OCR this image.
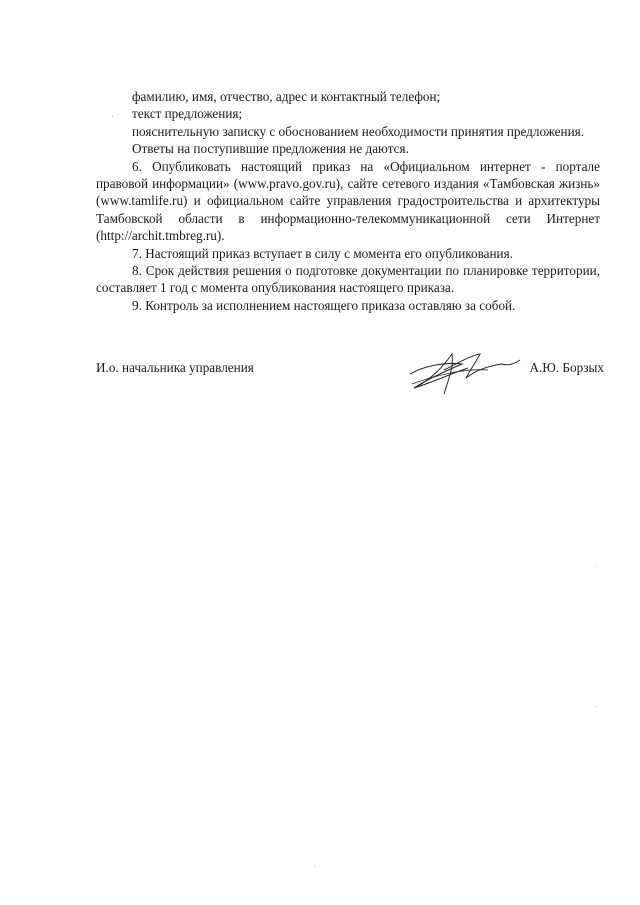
фамилию, имя, отчество, адрес и контактный телефон;

текст предложения;

пояснительную записку с обоснованием необходимости принятия предложения.

Ответы на поступившие предложения не даются.

6. Опубликовать настоящий приказ на «Официальном интернет - портале правовой информации» (www.pravo.gov.ru), сайте сетевого издания «Тамбовская жизнь» (www.tamlife.ru) и официальном сайте управления градостроительства и архитектуры Тамбовской области в информационно-телекоммуникационной сети Интернет (http://archit.tmbreg.ru).

7. Настоящий приказ вступает в силу с момента его опубликования.

8. Срок действия решения о подготовке документации по планировке территории, составляет 1 год с момента опубликования настоящего приказа.

9. Контроль за исполнением настоящего приказа оставляю за собой.

И.о. начальника управления	А.Ю. Борзых
